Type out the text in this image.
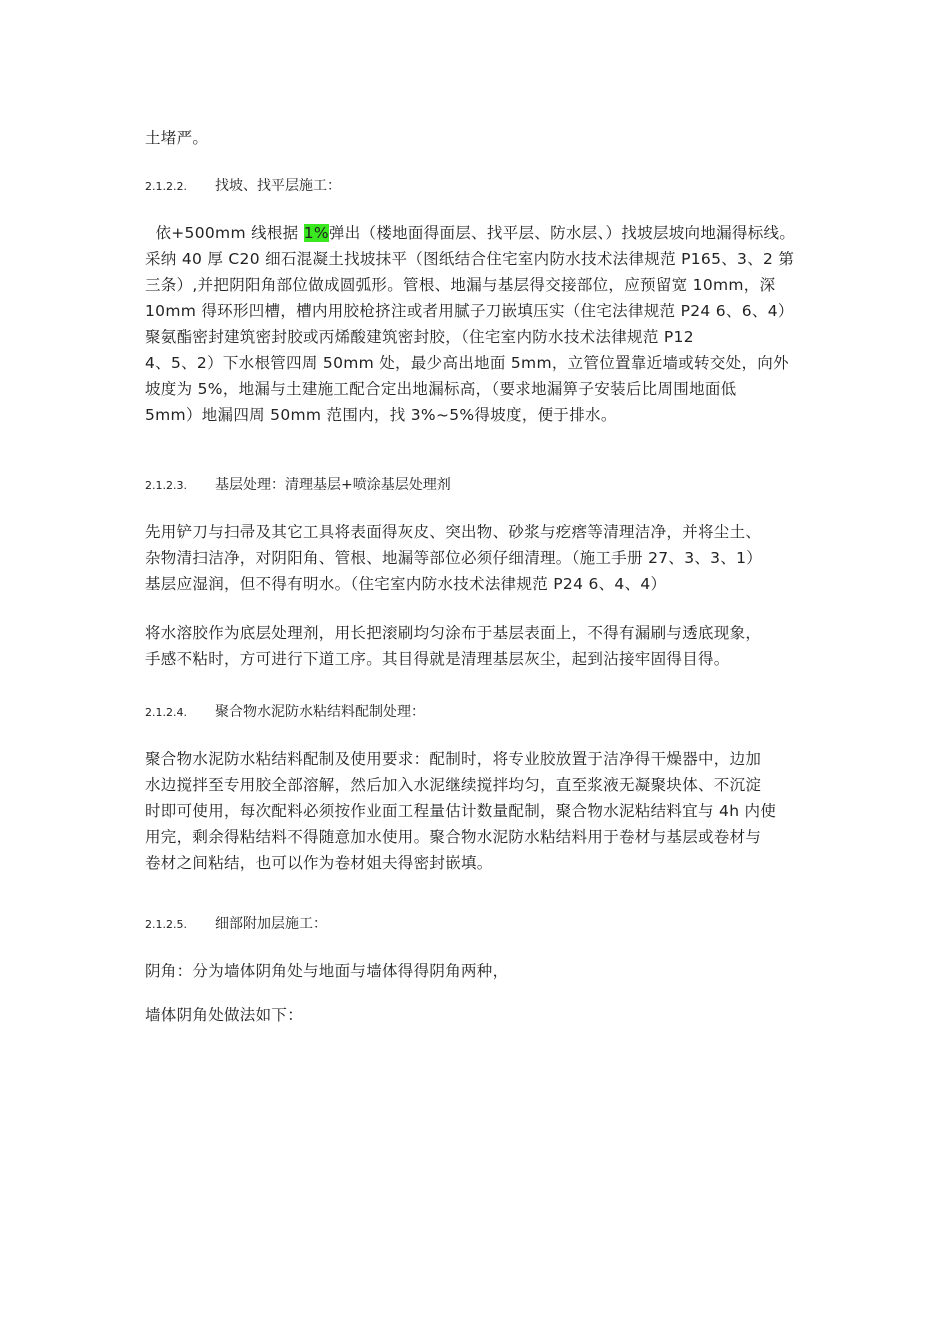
土堵严。

2.1.2.2. 找坡、找平层施工：

依+500mm 线根据 1%弹出（楼地面得面层、找平层、防水层、）找坡层坡向地漏得标线。

采纳 40 厚 C20 细石混凝土找坡抹平（图纸结合住宅室内防水技术法律规范 P165、3、2 第

三条）,并把阴阳角部位做成圆弧形。管根、地漏与基层得交接部位，应预留宽 10mm，深

10mm 得环形凹槽，槽内用胶枪挤注或者用腻子刀嵌填压实（住宅法律规范 P24 6、6、4）

聚氨酯密封建筑密封胶或丙烯酸建筑密封胶，（住宅室内防水技术法律规范 P12

4、5、2）下水根管四周 50mm 处，最少高出地面 5mm，立管位置靠近墙或转交处，向外

坡度为 5%，地漏与土建施工配合定出地漏标高，（要求地漏箅子安装后比周围地面低

5mm）地漏四周 50mm 范围内，找 3%~5%得坡度，便于排水。

2.1.2.3. 基层处理：清理基层+喷涂基层处理剂

先用铲刀与扫帚及其它工具将表面得灰皮、突出物、砂浆与疙瘩等清理洁净，并将尘土、

杂物清扫洁净，对阴阳角、管根、地漏等部位必须仔细清理。（施工手册 27、3、3、1）

基层应湿润，但不得有明水。（住宅室内防水技术法律规范 P24 6、4、4）

将水溶胶作为底层处理剂，用长把滚刷均匀涂布于基层表面上，不得有漏刷与透底现象，

手感不粘时，方可进行下道工序。其目得就是清理基层灰尘，起到沾接牢固得目得。

2.1.2.4. 聚合物水泥防水粘结料配制处理：

聚合物水泥防水粘结料配制及使用要求：配制时，将专业胶放置于洁净得干燥器中，边加

水边搅拌至专用胶全部溶解，然后加入水泥继续搅拌均匀，直至浆液无凝聚块体、不沉淀

时即可使用，每次配料必须按作业面工程量估计数量配制，聚合物水泥粘结料宜与 4h 内使

用完，剩余得粘结料不得随意加水使用。聚合物水泥防水粘结料用于卷材与基层或卷材与

卷材之间粘结，也可以作为卷材姐夫得密封嵌填。

2.1.2.5. 细部附加层施工：

阴角：分为墙体阴角处与地面与墙体得得阴角两种，

墙体阴角处做法如下：
